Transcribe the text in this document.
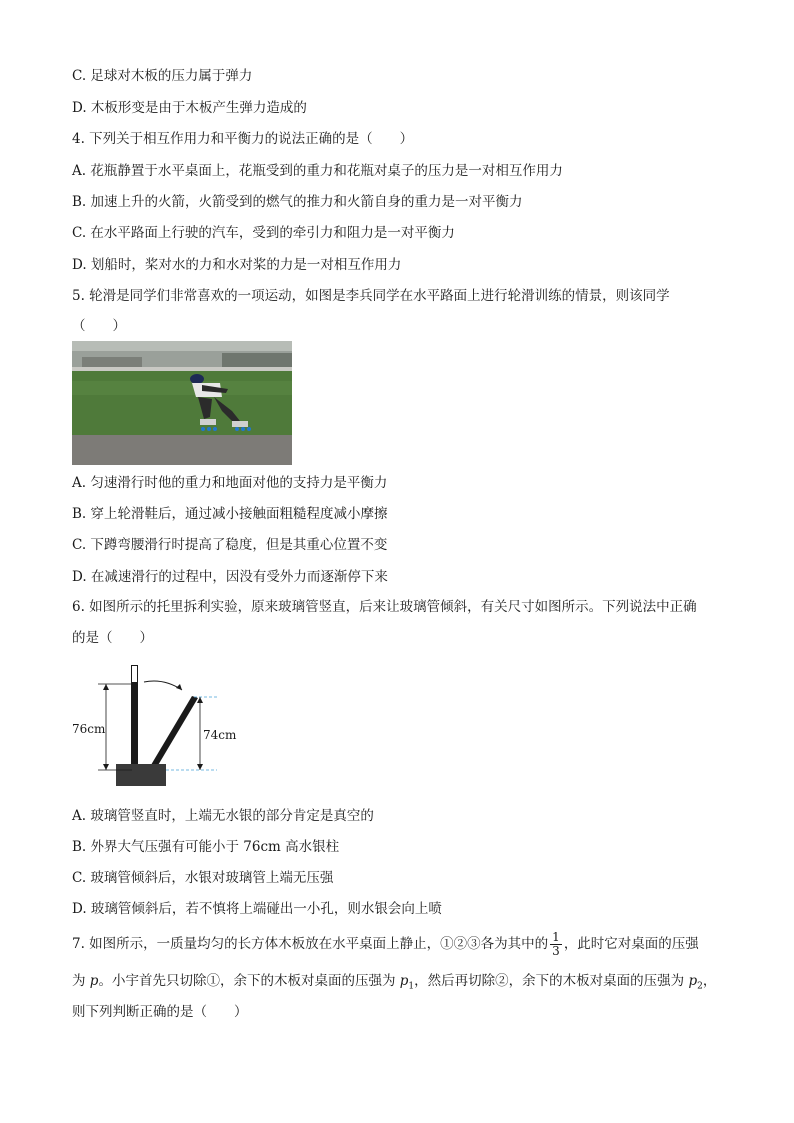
C. 足球对木板的压力属于弹力
D. 木板形变是由于木板产生弹力造成的
4. 下列关于相互作用力和平衡力的说法正确的是（　　）
A. 花瓶静置于水平桌面上，花瓶受到的重力和花瓶对桌子的压力是一对相互作用力
B. 加速上升的火箭，火箭受到的燃气的推力和火箭自身的重力是一对平衡力
C. 在水平路面上行驶的汽车，受到的牵引力和阻力是一对平衡力
D. 划船时，桨对水的力和水对桨的力是一对相互作用力
5. 轮滑是同学们非常喜欢的一项运动，如图是李兵同学在水平路面上进行轮滑训练的情景，则该同学
（　　）
A. 匀速滑行时他的重力和地面对他的支持力是平衡力
B. 穿上轮滑鞋后，通过减小接触面粗糙程度减小摩擦
C. 下蹲弯腰滑行时提高了稳度，但是其重心位置不变
D. 在减速滑行的过程中，因没有受外力而逐渐停下来
6. 如图所示的托里拆利实验，原来玻璃管竖直，后来让玻璃管倾斜，有关尺寸如图所示。下列说法中正确
的是（　　）
76cm	74cm
A. 玻璃管竖直时，上端无水银的部分肯定是真空的
B. 外界大气压强有可能小于 76cm 高水银柱
C. 玻璃管倾斜后，水银对玻璃管上端无压强
D. 玻璃管倾斜后，若不慎将上端碰出一小孔，则水银会向上喷
7. 如图所示，一质量均匀的长方体木板放在水平桌面上静止，①②③各为其中的 $\frac{1}{3}$ ，此时它对桌面的压强
为 p。小宇首先只切除①，余下的木板对桌面的压强为 $p_1$，然后再切除②，余下的木板对桌面的压强为 $p_2$，
则下列判断正确的是（　　）
